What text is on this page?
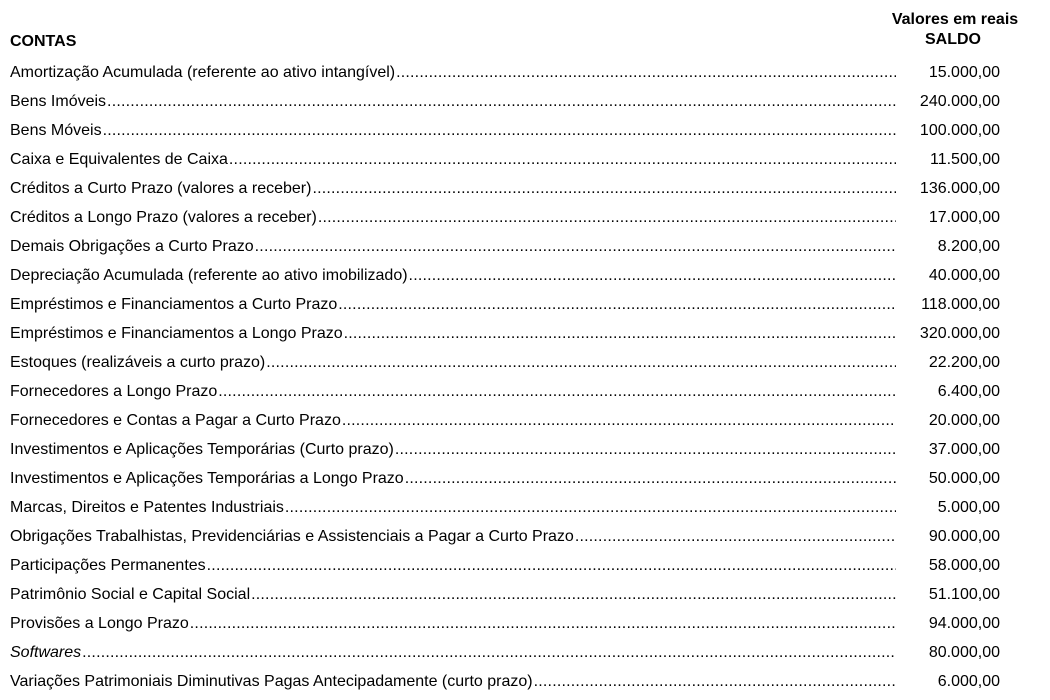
Valores em reais
SALDO
CONTAS
Amortização Acumulada (referente ao ativo intangível) .....	15.000,00
Bens Imóveis .....	240.000,00
Bens Móveis .....	100.000,00
Caixa e Equivalentes de Caixa .....	11.500,00
Créditos a Curto Prazo (valores a receber) .....	136.000,00
Créditos a Longo Prazo (valores a receber) .....	17.000,00
Demais Obrigações a Curto Prazo .....	8.200,00
Depreciação Acumulada (referente ao ativo imobilizado) .....	40.000,00
Empréstimos e Financiamentos a Curto Prazo .....	118.000,00
Empréstimos e Financiamentos a Longo Prazo .....	320.000,00
Estoques (realizáveis a curto prazo) .....	22.200,00
Fornecedores a Longo Prazo .....	6.400,00
Fornecedores e Contas a Pagar a Curto Prazo .....	20.000,00
Investimentos e Aplicações Temporárias (Curto prazo) .....	37.000,00
Investimentos e Aplicações Temporárias a Longo Prazo .....	50.000,00
Marcas, Direitos e Patentes Industriais .....	5.000,00
Obrigações Trabalhistas, Previdenciárias e Assistenciais a Pagar a Curto Prazo .....	90.000,00
Participações Permanentes .....	58.000,00
Patrimônio Social e Capital Social .....	51.100,00
Provisões a Longo Prazo .....	94.000,00
Softwares .....	80.000,00
Variações Patrimoniais Diminutivas Pagas Antecipadamente (curto prazo) .....	6.000,00
